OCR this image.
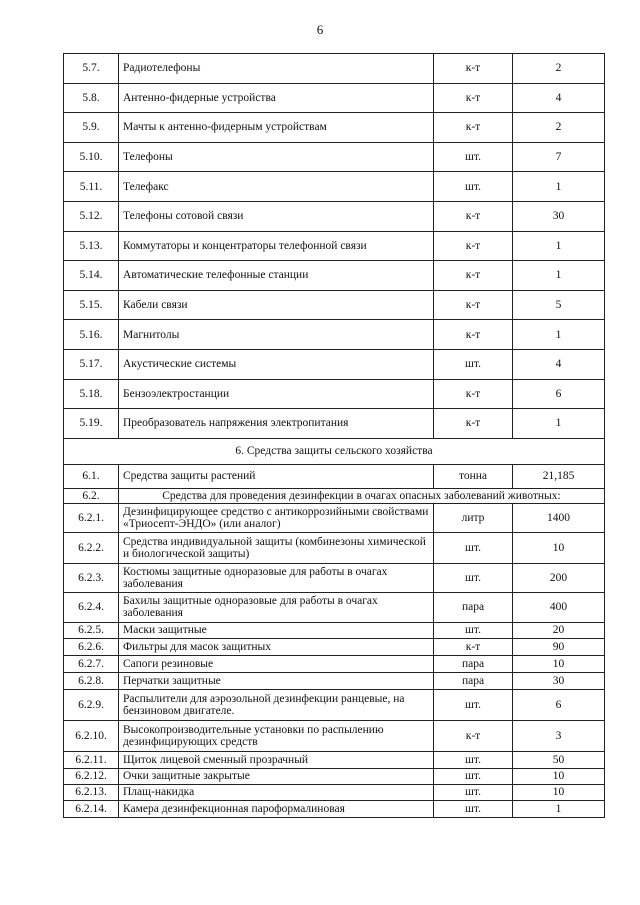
6
5.7.	Радиотелефоны	к-т	2
5.8.	Антенно-фидерные устройства	к-т	4
5.9.	Мачты к антенно-фидерным устройствам	к-т	2
5.10.	Телефоны	шт.	7
5.11.	Телефакс	шт.	1
5.12.	Телефоны сотовой связи	к-т	30
5.13.	Коммутаторы и концентраторы телефонной связи	к-т	1
5.14.	Автоматические телефонные станции	к-т	1
5.15.	Кабели связи	к-т	5
5.16.	Магнитолы	к-т	1
5.17.	Акустические системы	шт.	4
5.18.	Бензоэлектростанции	к-т	6
5.19.	Преобразователь напряжения электропитания	к-т	1
6. Средства защиты сельского хозяйства			
6.1.	Средства защиты растений	тонна	21,185
6.2.	Средства для проведения дезинфекции в очагах опасных заболеваний животных:		
6.2.1.	Дезинфицирующее средство с антикоррозийными свойствами «Триосепт-ЭНДО» (или аналог)	литр	1400
6.2.2.	Средства индивидуальной защиты (комбинезоны химической и биологической защиты)	шт.	10
6.2.3.	Костюмы защитные одноразовые для работы в очагах заболевания	шт.	200
6.2.4.	Бахилы защитные одноразовые для работы в очагах заболевания	пара	400
6.2.5.	Маски защитные	шт.	20
6.2.6.	Фильтры для масок защитных	к-т	90
6.2.7.	Сапоги резиновые	пара	10
6.2.8.	Перчатки защитные	пара	30
6.2.9.	Распылители для аэрозольной дезинфекции ранцевые, на бензиновом двигателе.	шт.	6
6.2.10.	Высокопроизводительные установки по распылению дезинфицирующих средств	к-т	3
6.2.11.	Щиток лицевой сменный прозрачный	шт.	50
6.2.12.	Очки защитные закрытые	шт.	10
6.2.13.	Плащ-накидка	шт.	10
6.2.14.	Камера дезинфекционная пароформалиновая	шт.	1
